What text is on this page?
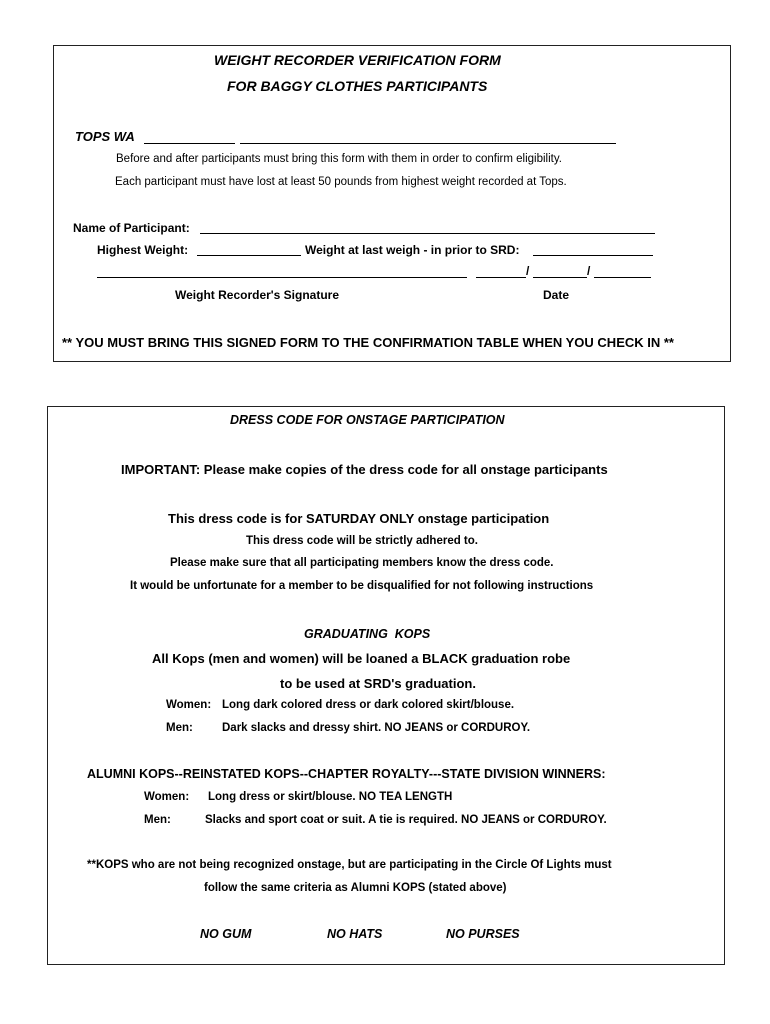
WEIGHT RECORDER VERIFICATION FORM
FOR BAGGY CLOTHES PARTICIPANTS
TOPS WA
Before and after participants must bring this form with them in order to confirm eligibility.
Each participant must have lost at least 50 pounds from highest weight recorded at Tops.
Name of Participant:
Highest Weight:	Weight at last weigh - in prior to SRD:
/	/
Weight Recorder's Signature	Date
** YOU MUST BRING THIS SIGNED FORM TO THE CONFIRMATION TABLE WHEN YOU CHECK IN **
DRESS CODE FOR ONSTAGE PARTICIPATION
IMPORTANT: Please make copies of the dress code for all onstage participants
This dress code is for SATURDAY ONLY onstage participation
This dress code will be strictly adhered to.
Please make sure that all participating members know the dress code.
It would be unfortunate for a member to be disqualified for not following instructions
GRADUATING  KOPS
All Kops (men and women) will be loaned a BLACK graduation robe
to be used at SRD's graduation.
Women: Long dark colored dress or dark colored skirt/blouse.
Men:	Dark slacks and dressy shirt. NO JEANS or CORDUROY.
ALUMNI KOPS--REINSTATED KOPS--CHAPTER ROYALTY---STATE DIVISION WINNERS:
Women: Long dress or skirt/blouse. NO TEA LENGTH
Men:	Slacks and sport coat or suit. A tie is required. NO JEANS or CORDUROY.
**KOPS who are not being recognized onstage, but are participating in the Circle Of Lights must
follow the same criteria as Alumni KOPS (stated above)
NO GUM	NO HATS	NO PURSES
